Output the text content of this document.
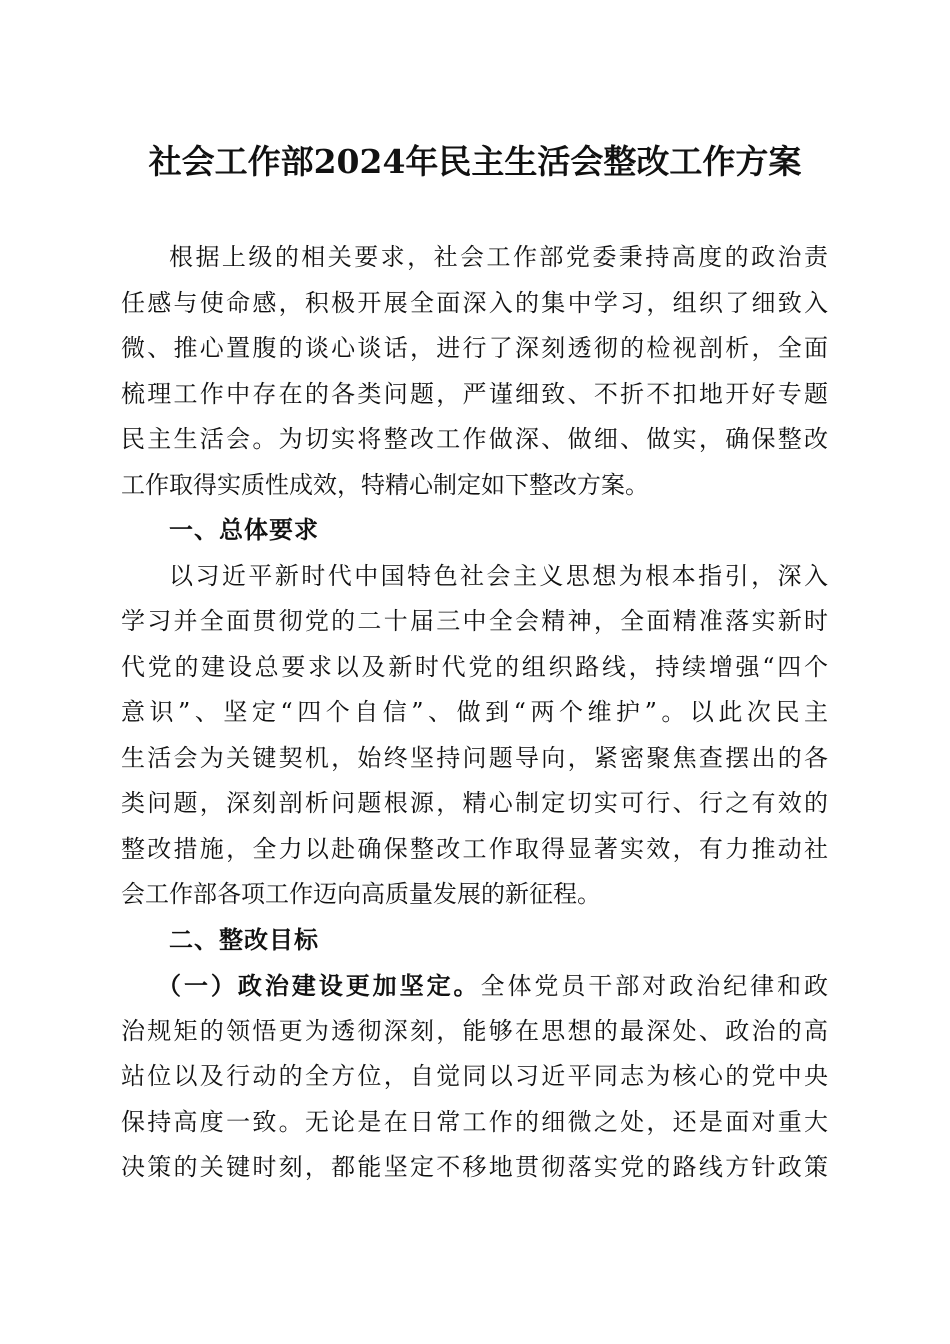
社会工作部2024年民主生活会整改工作方案
根据上级的相关要求，社会工作部党委秉持高度的政治责
任感与使命感，积极开展全面深入的集中学习，组织了细致入
微、推心置腹的谈心谈话，进行了深刻透彻的检视剖析，全面
梳理工作中存在的各类问题，严谨细致、不折不扣地开好专题
民主生活会。为切实将整改工作做深、做细、做实，确保整改
工作取得实质性成效，特精心制定如下整改方案。
一、总体要求
以习近平新时代中国特色社会主义思想为根本指引，深入
学习并全面贯彻党的二十届三中全会精神，全面精准落实新时
代党的建设总要求以及新时代党的组织路线，持续增强“四个
意识”、坚定“四个自信”、做到“两个维护”。以此次民主
生活会为关键契机，始终坚持问题导向，紧密聚焦查摆出的各
类问题，深刻剖析问题根源，精心制定切实可行、行之有效的
整改措施，全力以赴确保整改工作取得显著实效，有力推动社
会工作部各项工作迈向高质量发展的新征程。
二、整改目标
（一）政治建设更加坚定。全体党员干部对政治纪律和政
治规矩的领悟更为透彻深刻，能够在思想的最深处、政治的高
站位以及行动的全方位，自觉同以习近平同志为核心的党中央
保持高度一致。无论是在日常工作的细微之处，还是面对重大
决策的关键时刻，都能坚定不移地贯彻落实党的路线方针政策
